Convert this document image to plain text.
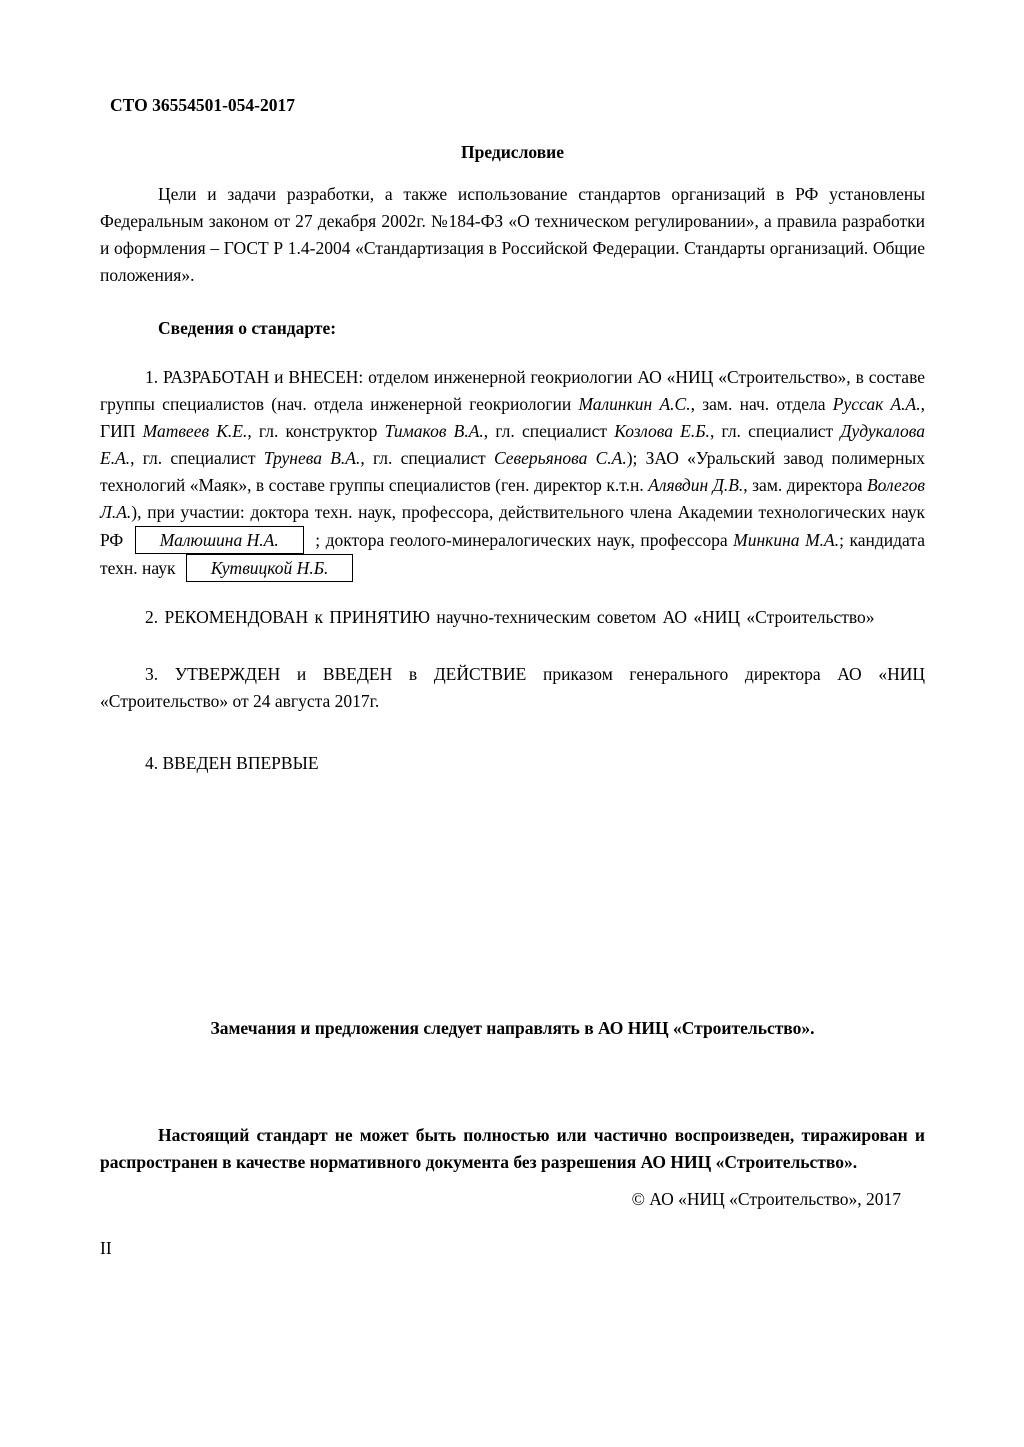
СТО 36554501-054-2017

Предисловие

Цели и задачи разработки, а также использование стандартов организаций в РФ установлены Федеральным законом от 27 декабря 2002г. №184-ФЗ «О техническом регулировании», а правила разработки и оформления – ГОСТ Р 1.4-2004 «Стандартизация в Российской Федерации. Стандарты организаций. Общие положения».

Сведения о стандарте:

1. РАЗРАБОТАН и ВНЕСЕН: отделом инженерной геокриологии АО «НИЦ «Строительство», в составе группы специалистов (нач. отдела инженерной геокриологии Малинкин А.С., зам. нач. отдела Руссак А.А., ГИП Матвеев К.Е., гл. конструктор Тимаков В.А., гл. специалист Козлова Е.Б., гл. специалист Дудукалова Е.А., гл. специалист Трунева В.А., гл. специалист Северьянова С.А.); ЗАО «Уральский завод полимерных технологий «Маяк», в составе группы специалистов (ген. директор к.т.н. Алявдин Д.В., зам. директора Волегов Л.А.), при участии: доктора техн. наук, профессора, действительного члена Академии технологических наук РФ Малюшина Н.А. ; доктора геолого-минералогических наук, профессора Минкина М.А.; кандидата техн. наук Кутвицкой Н.Б.

2. РЕКОМЕНДОВАН к ПРИНЯТИЮ научно-техническим советом АО «НИЦ «Строительство»

3. УТВЕРЖДЕН и ВВЕДЕН в ДЕЙСТВИЕ приказом генерального директора АО «НИЦ «Строительство» от 24 августа 2017г.

4. ВВЕДЕН ВПЕРВЫЕ

Замечания и предложения следует направлять в АО НИЦ «Строительство».

Настоящий стандарт не может быть полностью или частично воспроизведен, тиражирован и распространен в качестве нормативного документа без разрешения АО НИЦ «Строительство».

© АО «НИЦ «Строительство», 2017

II
